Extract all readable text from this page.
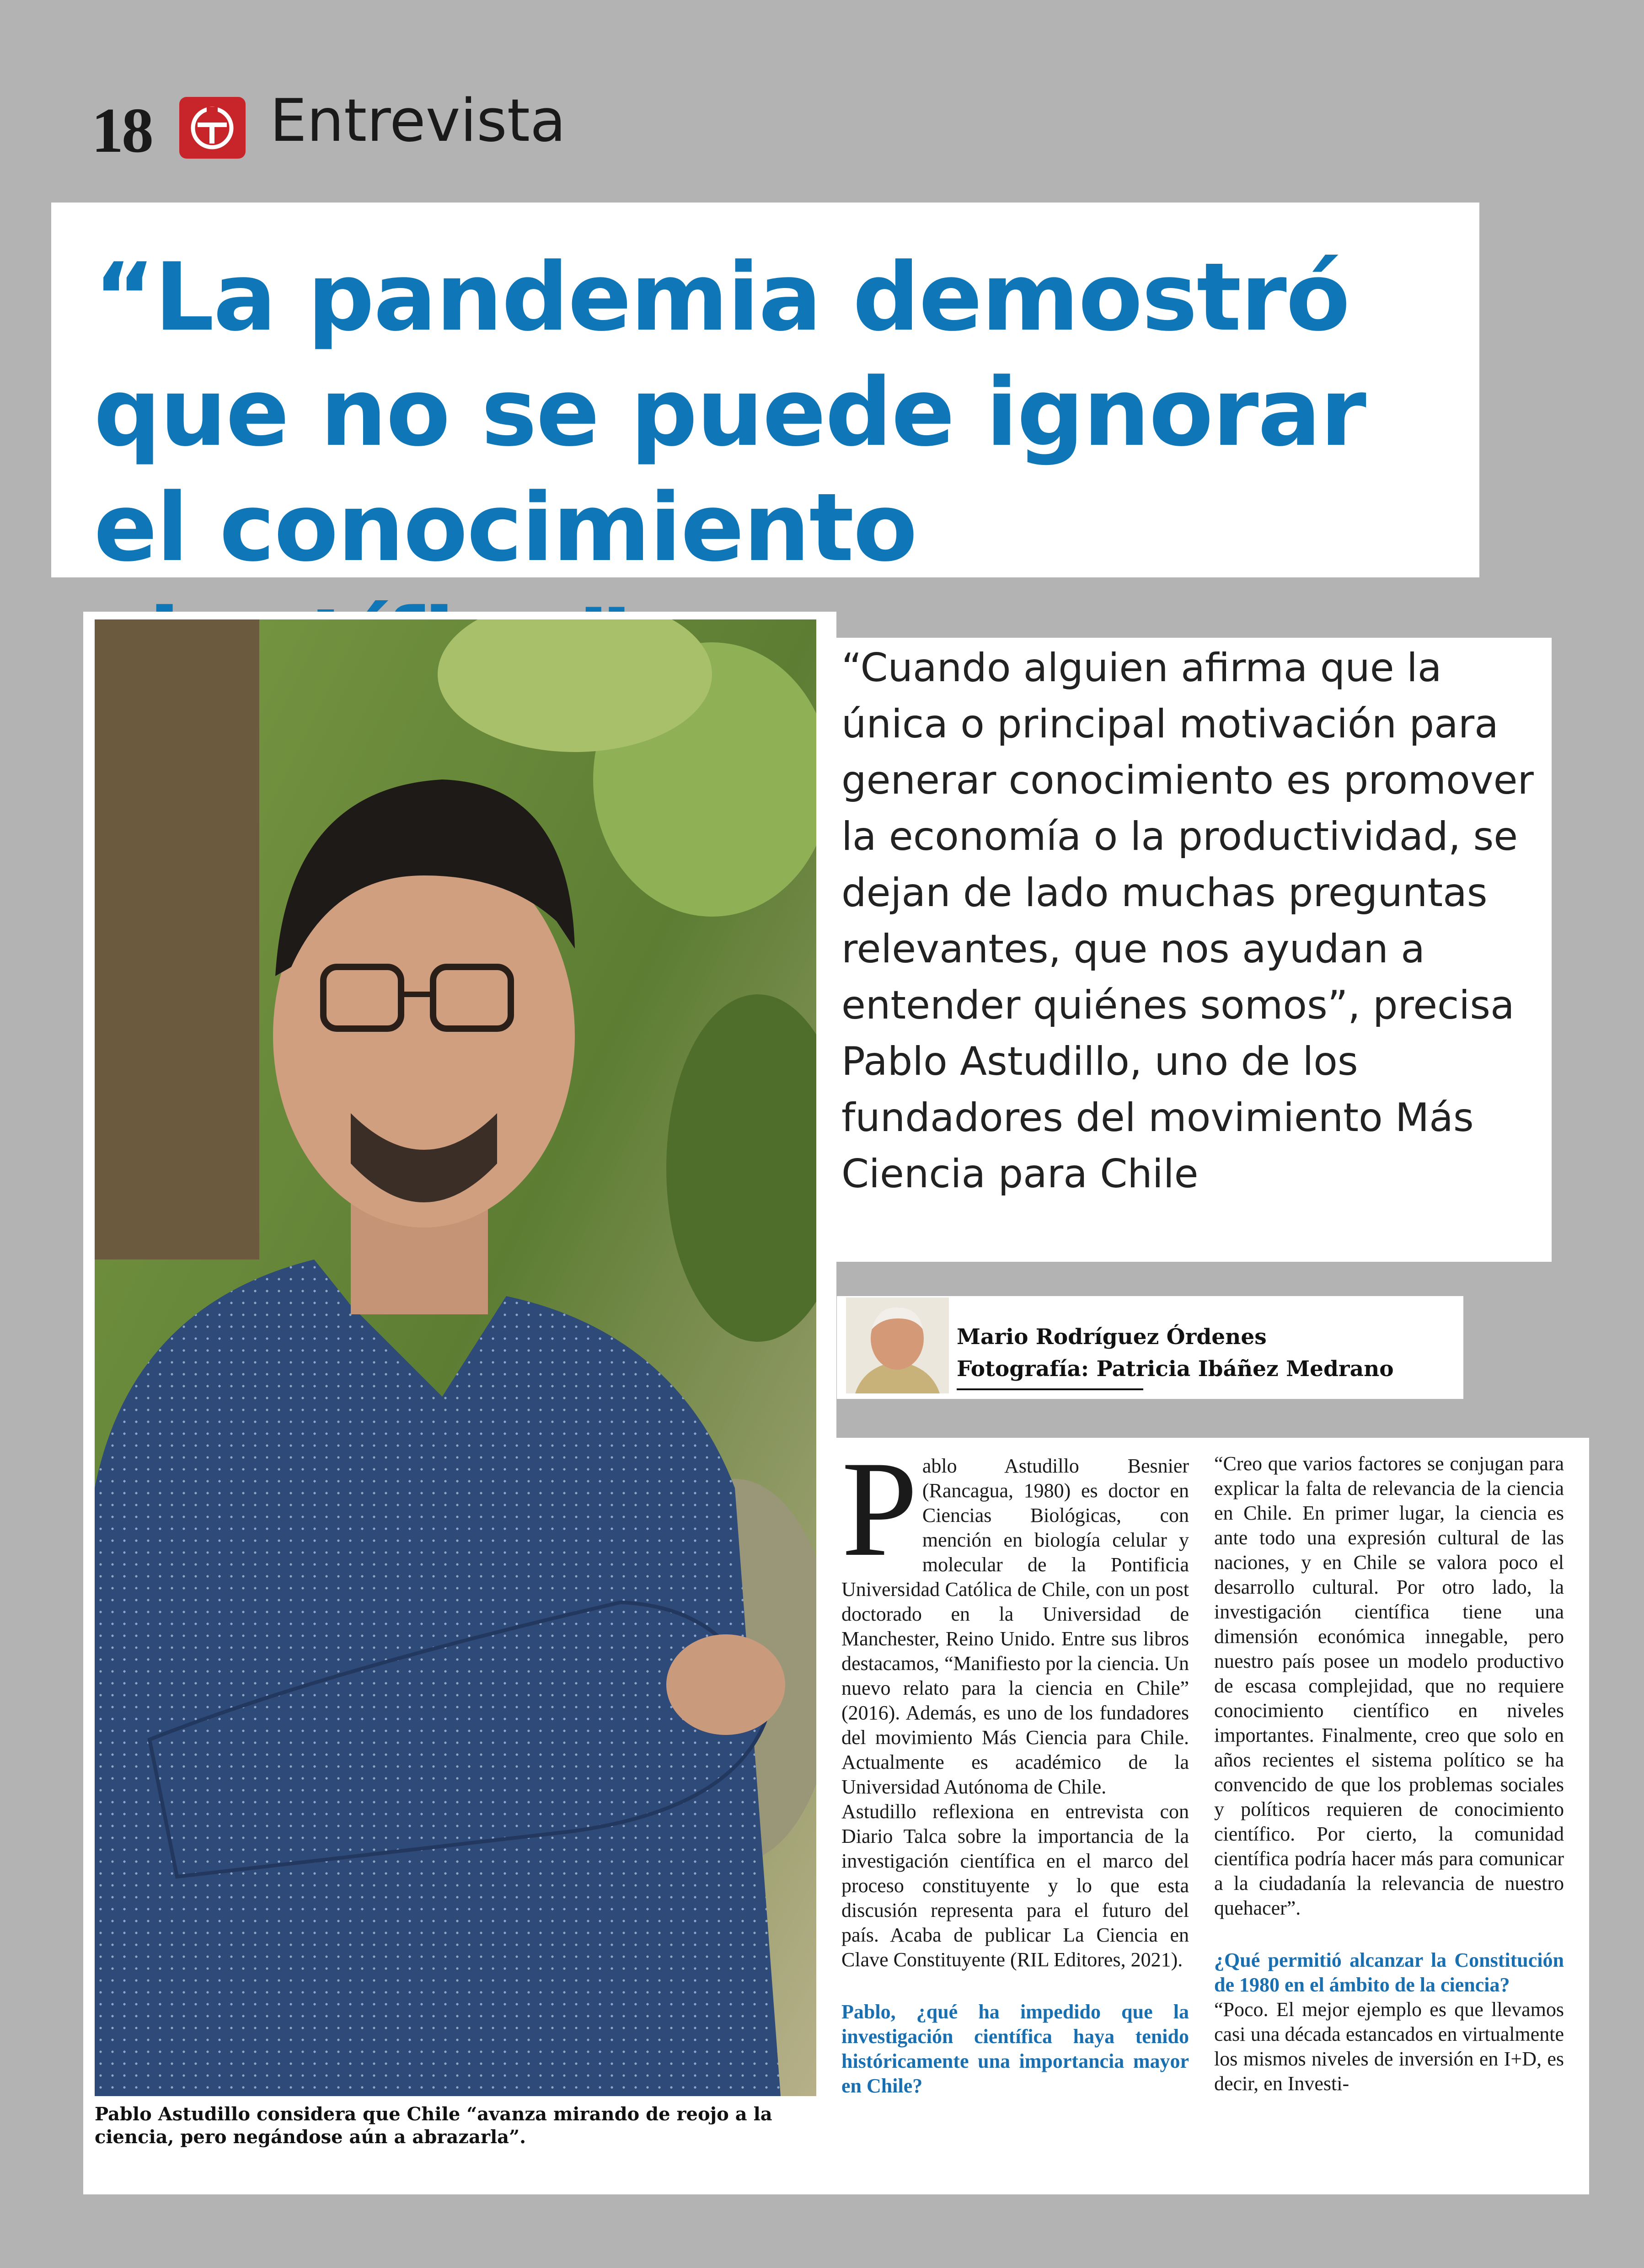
18 Entrevista
“La pandemia demostró que no se puede ignorar el conocimiento
Pablo Astudillo considera que Chile “avanza mirando de reojo a la ciencia, pero negándose aún a abrazarla”.
“Cuando alguien afirma que la única o principal motivación para generar conocimiento es promover la economía o la productividad, se dejan de lado muchas preguntas relevantes, que nos ayudan a entender quiénes somos”, precisa Pablo Astudillo, uno de los fundadores del movimiento Más Ciencia para Chile
Mario Rodríguez Órdenes
Fotografía: Patricia Ibáñez Medrano
P ablo Astudillo Besnier (Rancagua, 1980) es doctor en Ciencias Biológicas, con mención en biología celular y molecular de la Pontificia Universidad Católica de Chile, con un post doctorado en la Universidad de Manchester, Reino Unido. Entre sus libros destacamos, “Manifiesto por la ciencia. Un nuevo relato para la ciencia en Chile” (2016). Además, es uno de los fundadores del movimiento Más Ciencia para Chile. Actualmente es académico de la Universidad Autónoma de Chile.

Astudillo reflexiona en entrevista con Diario Talca sobre la importancia de la investigación científica en el marco del proceso constituyente y lo que esta discusión representa para el futuro del país. Acaba de publicar La Ciencia en Clave Constituyente (RIL Editores, 2021).

Pablo, ¿qué ha impedido que la investigación científica haya tenido históricamente una importancia mayor en Chile?

“Creo que varios factores se conjugan para explicar la falta de relevancia de la ciencia en Chile. En primer lugar, la ciencia es ante todo una expresión cultural de las naciones, y en Chile se valora poco el desarrollo cultural. Por otro lado, la investigación científica tiene una dimensión económica innegable, pero nuestro país posee un modelo productivo de escasa complejidad, que no requiere conocimiento científico en niveles importantes. Finalmente, creo que solo en años recientes el sistema político se ha convencido de que los problemas sociales y políticos requieren de conocimiento científico. Por cierto, la comunidad científica podría hacer más para comunicar a la ciudadanía la relevancia de nuestro quehacer”.

¿Qué permitió alcanzar la Constitución de 1980 en el ámbito de la ciencia?

“Poco. El mejor ejemplo es que llevamos casi una década estancados en virtualmente los mismos niveles de inversión en I+D, es decir, en Investi-
